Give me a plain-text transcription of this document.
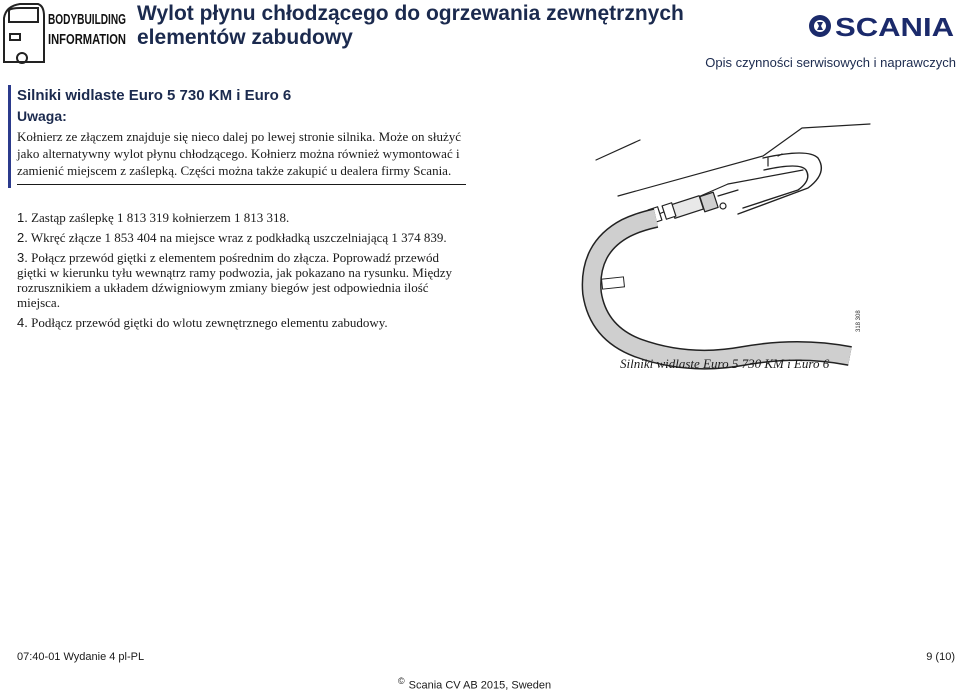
BODYBUILDING
INFORMATION
Wylot płynu chłodzącego do ogrzewania zewnętrznych elementów zabudowy	SCANIA
Opis czynności serwisowych i naprawczych
Silniki widlaste Euro 5 730 KM i Euro 6
Uwaga:
Kołnierz ze złączem znajduje się nieco dalej po lewej stronie silnika. Może on służyć jako alternatywny wylot płynu chłodzącego. Kołnierz można również wymontować i zamienić miejscem z zaślepką. Części można także zakupić u dealera firmy Scania.
1. Zastąp zaślepkę 1 813 319 kołnierzem 1 813 318.
2. Wkręć złącze 1 853 404 na miejsce wraz z podkładką uszczelniającą 1 374 839.
3. Połącz przewód giętki z elementem pośrednim do złącza. Poprowadź przewód giętki w kierunku tyłu wewnątrz ramy podwozia, jak pokazano na rysunku. Między rozrusznikiem a układem dźwigniowym zmiany biegów jest odpowiednia ilość miejsca.
4. Podłącz przewód giętki do wlotu zewnętrznego elementu zabudowy.	318 308
Silniki widlaste Euro 5 730 KM i Euro 6
07:40-01 Wydanie 4 pl-PL	9 (10)
© Scania CV AB 2015, Sweden
